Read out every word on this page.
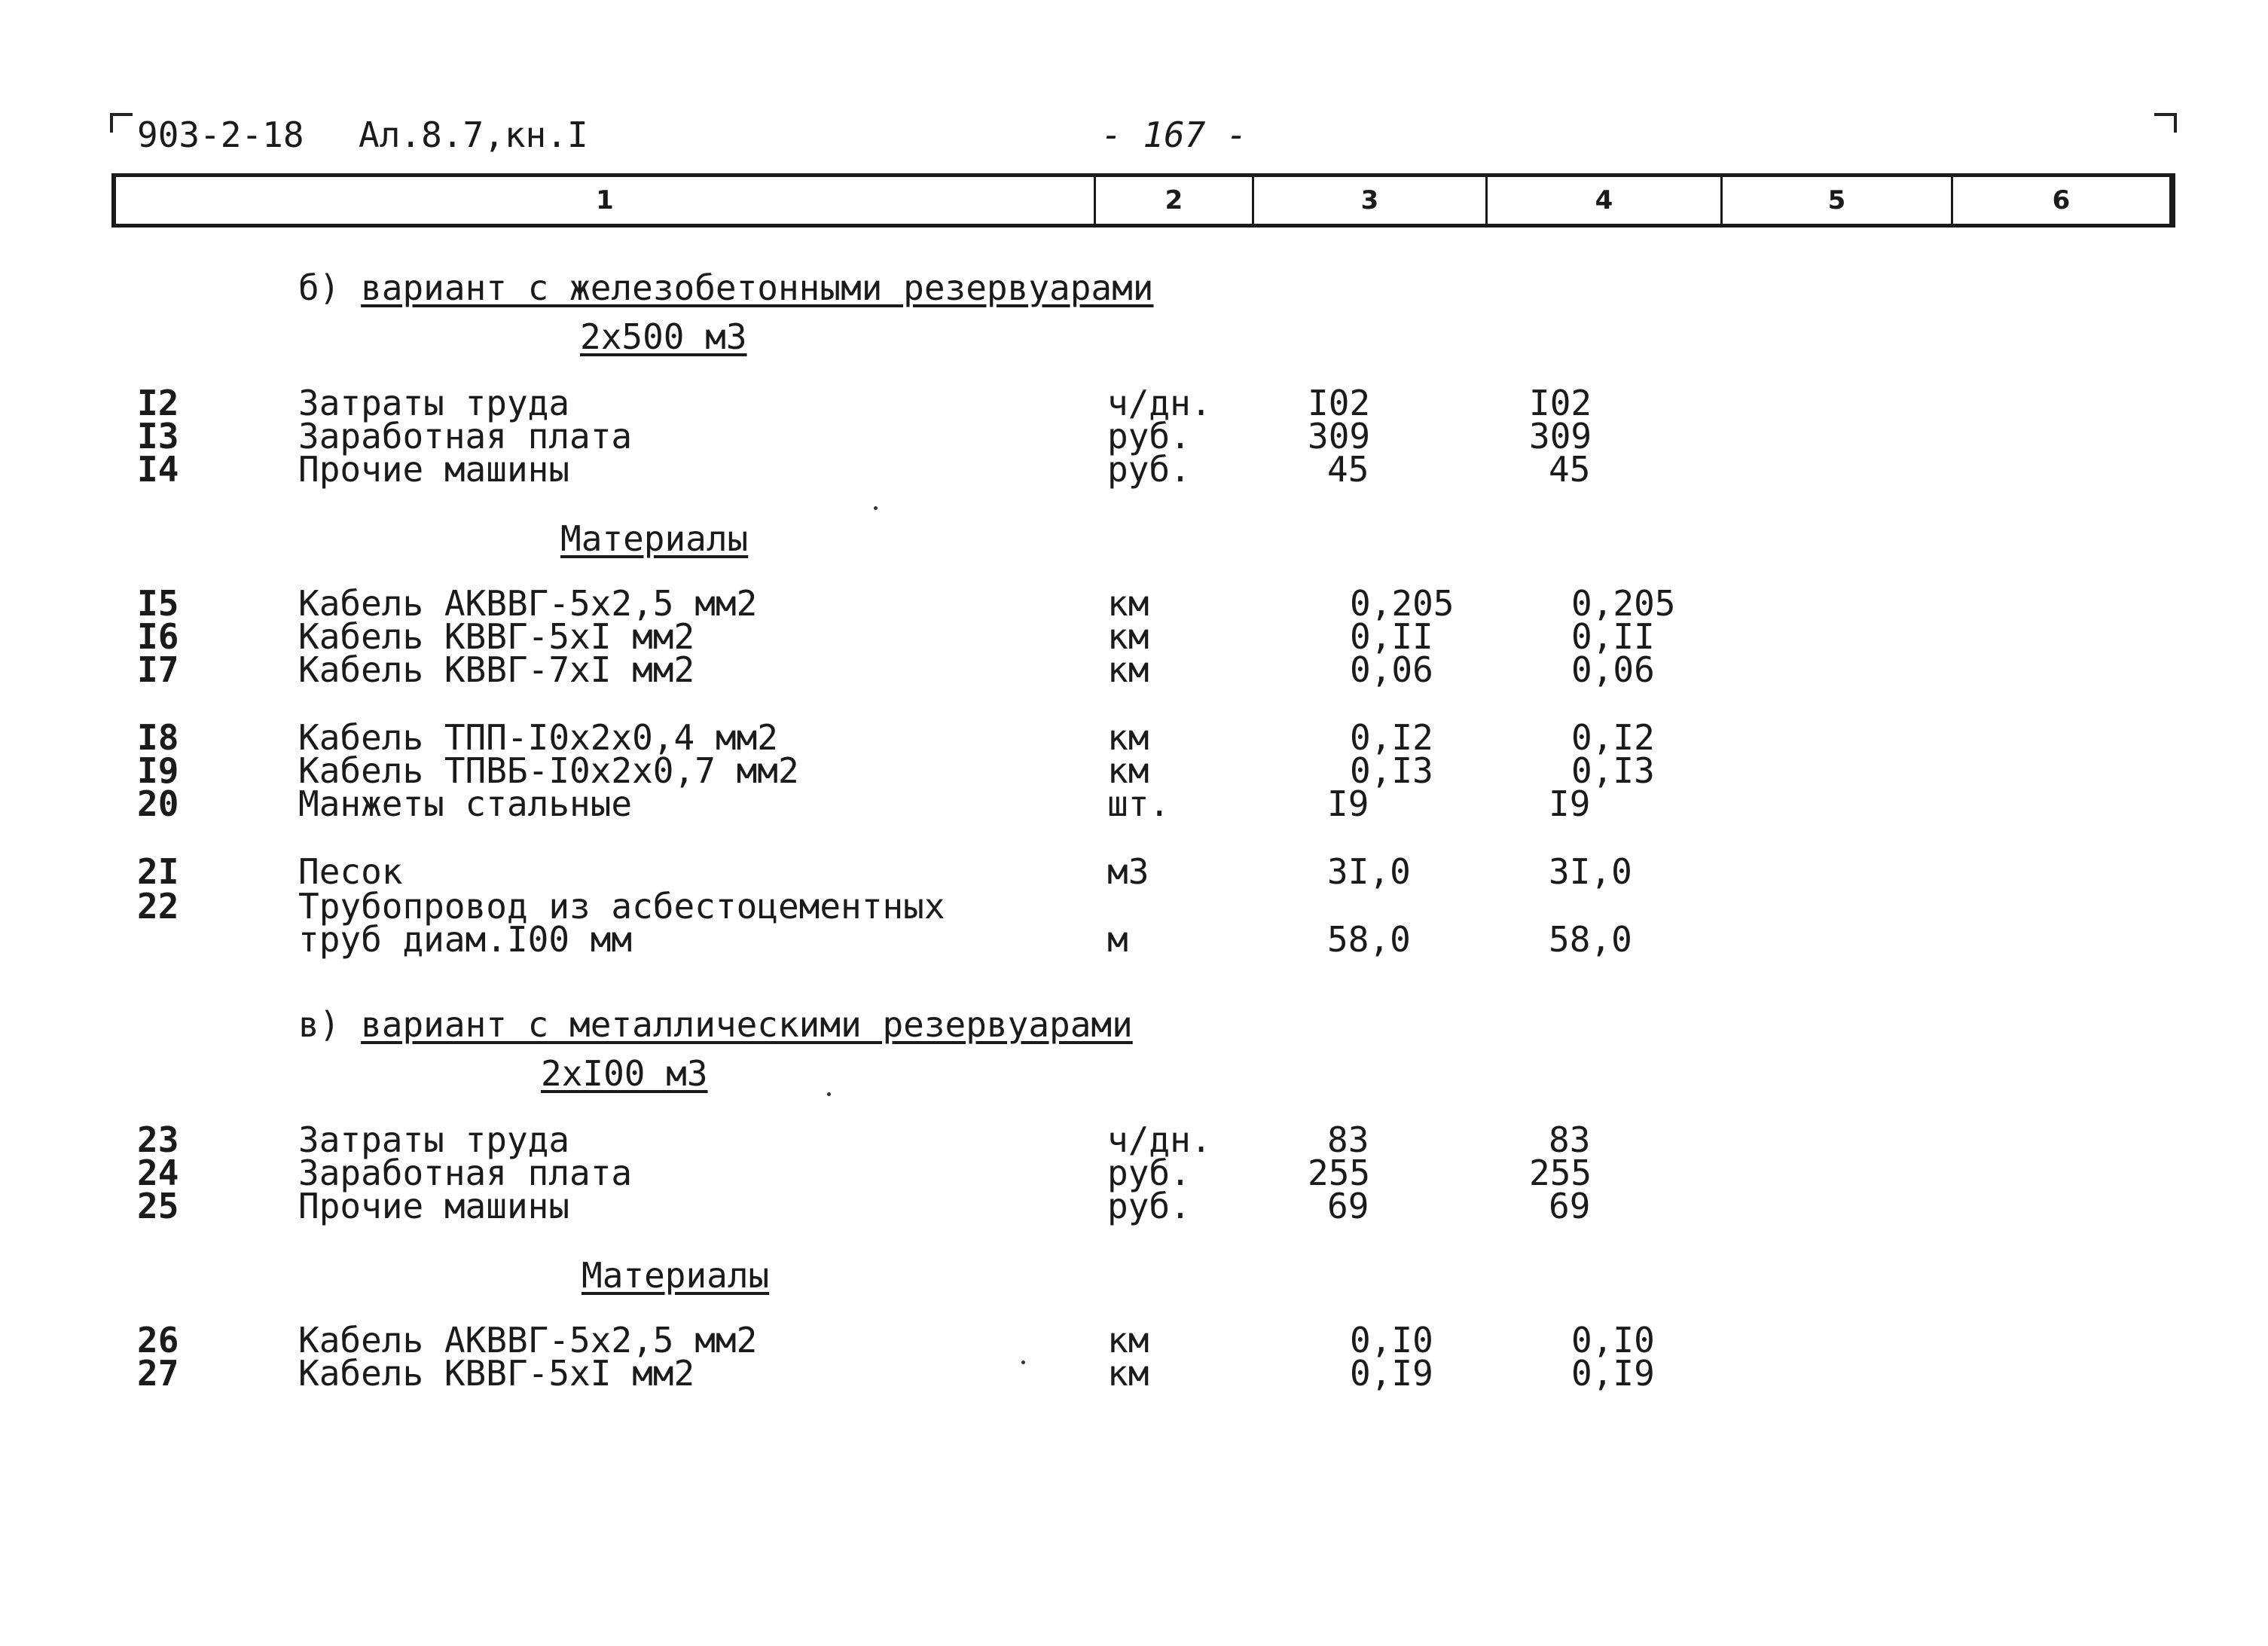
903-2-18 Ал.8.7,кн.I	- 167 -
1	2	3	4	5	6
б) вариант с железобетонными резервуарами
2х500 м3
I2	Затраты труда	ч/дн.	I02	I02
I3	Заработная плата	руб.	309	309
I4	Прочие машины	руб.	45	45
Материалы
I5	Кабель АКВВГ-5х2,5 мм2	км	0,205	0,205
I6	Кабель КВВГ-5хI мм2	км	0,II	0,II
I7	Кабель КВВГ-7хI мм2	км	0,06	0,06
I8	Кабель ТПП-I0х2х0,4 мм2	км	0,I2	0,I2
I9	Кабель ТПВБ-I0х2х0,7 мм2	км	0,I3	0,I3
20	Манжеты стальные	шт.	I9	I9
2I	Песок	м3	3I,0	3I,0
22	Трубопровод из асбестоцементных
труб диам.I00 мм	м	58,0	58,0
в) вариант с металлическими резервуарами
2хI00 м3
23	Затраты труда	ч/дн.	83	83
24	Заработная плата	руб.	255	255
25	Прочие машины	руб.	69	69
Материалы
26	Кабель АКВВГ-5х2,5 мм2	км	0,I0	0,I0
27	Кабель КВВГ-5хI мм2	км	0,I9	0,I9
